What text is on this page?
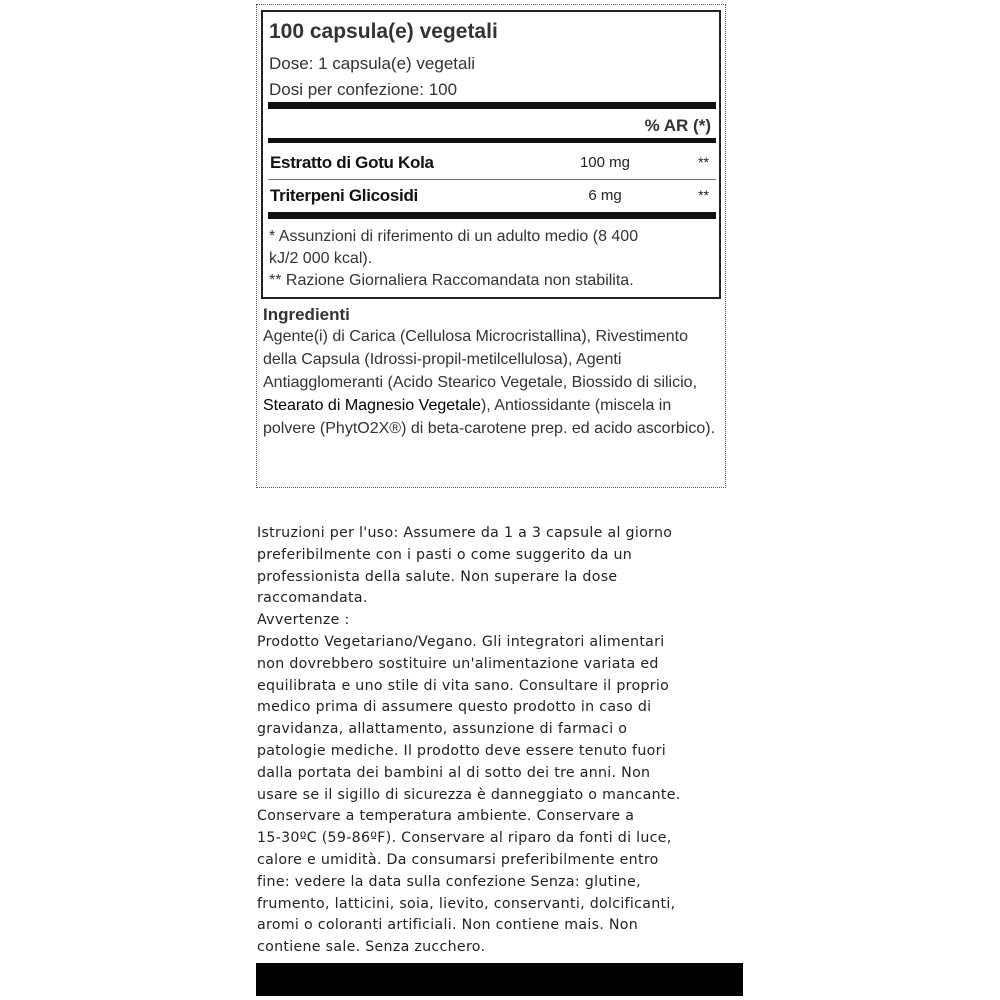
100 capsula(e) vegetali
Dose: 1 capsula(e) vegetali
Dosi per confezione: 100
% AR (*)
Estratto di Gotu Kola	100 mg	**
Triterpeni Glicosidi	6 mg	**
* Assunzioni di riferimento di un adulto medio (8 400
kJ/2 000 kcal).
** Razione Giornaliera Raccomandata non stabilita.
Ingredienti
Agente(i) di Carica (Cellulosa Microcristallina), Rivestimento della Capsula (Idrossi-propil-metilcellulosa), Agenti Antiagglomeranti (Acido Stearico Vegetale, Biossido di silicio, Stearato di Magnesio Vegetale), Antiossidante (miscela in polvere (PhytO2X®) di beta-carotene prep. ed acido ascorbico).
Istruzioni per l'uso: Assumere da 1 a 3 capsule al giorno
preferibilmente con i pasti o come suggerito da un
professionista della salute. Non superare la dose
raccomandata.
Avvertenze :
Prodotto Vegetariano/Vegano. Gli integratori alimentari
non dovrebbero sostituire un'alimentazione variata ed
equilibrata e uno stile di vita sano. Consultare il proprio
medico prima di assumere questo prodotto in caso di
gravidanza, allattamento, assunzione di farmaci o
patologie mediche. Il prodotto deve essere tenuto fuori
dalla portata dei bambini al di sotto dei tre anni. Non
usare se il sigillo di sicurezza è danneggiato o mancante.
Conservare a temperatura ambiente. Conservare a
15-30ºC (59-86ºF). Conservare al riparo da fonti di luce,
calore e umidità. Da consumarsi preferibilmente entro
fine: vedere la data sulla confezione Senza: glutine,
frumento, latticini, soia, lievito, conservanti, dolcificanti,
aromi o coloranti artificiali. Non contiene mais. Non
contiene sale. Senza zucchero.
